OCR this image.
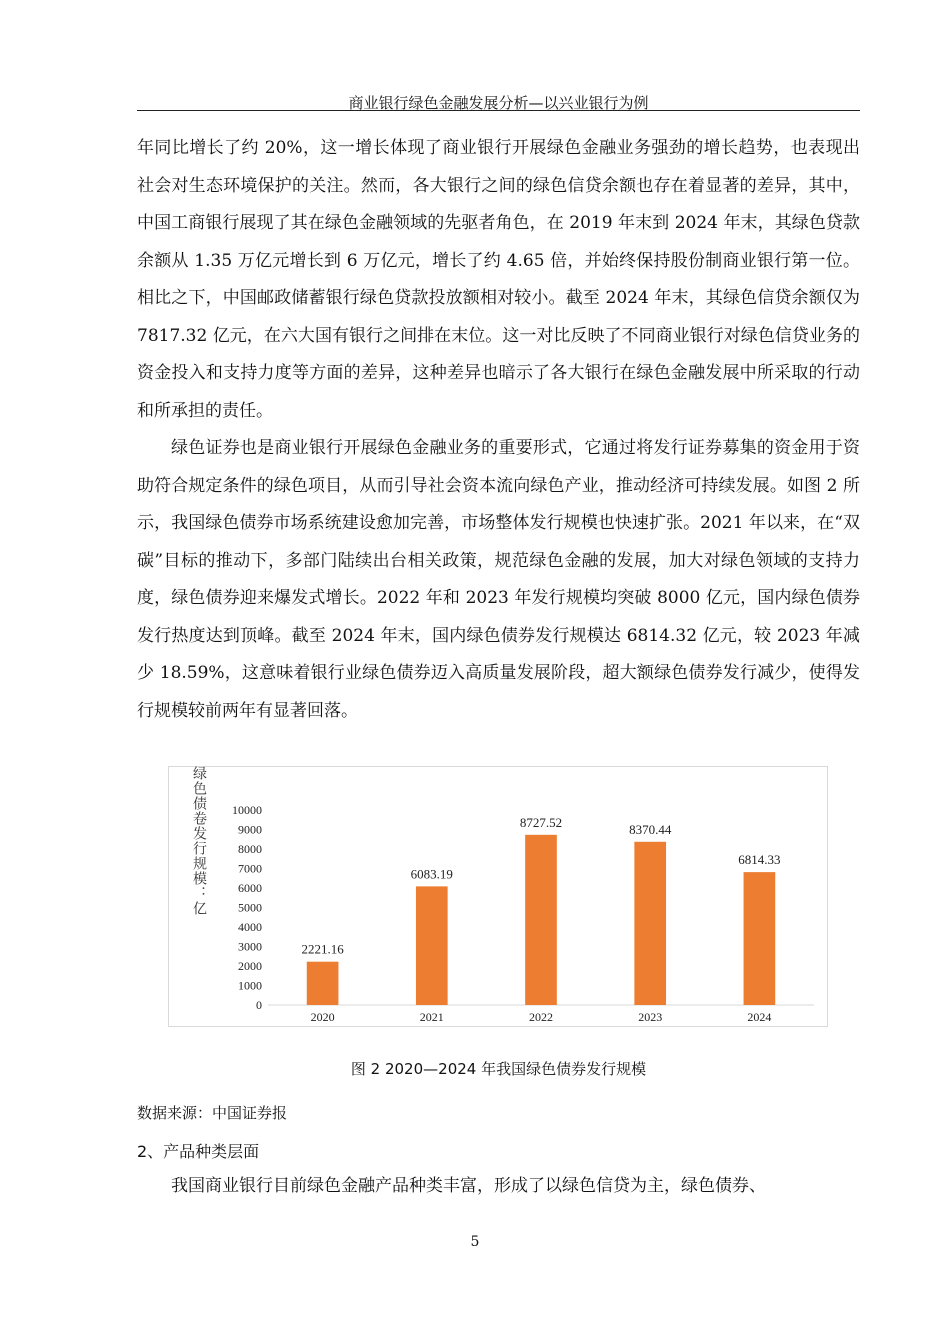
商业银行绿色金融发展分析—以兴业银行为例

年同比增长了约 20%，这一增长体现了商业银行开展绿色金融业务强劲的增长趋势，也表现出社会对生态环境保护的关注。然而，各大银行之间的绿色信贷余额也存在着显著的差异，其中，中国工商银行展现了其在绿色金融领域的先驱者角色，在 2019 年末到 2024 年末，其绿色贷款余额从 1.35 万亿元增长到 6 万亿元，增长了约 4.65 倍，并始终保持股份制商业银行第一位。相比之下，中国邮政储蓄银行绿色贷款投放额相对较小。截至 2024 年末，其绿色信贷余额仅为 7817.32 亿元，在六大国有银行之间排在末位。这一对比反映了不同商业银行对绿色信贷业务的资金投入和支持力度等方面的差异，这种差异也暗示了各大银行在绿色金融发展中所采取的行动和所承担的责任。

绿色证券也是商业银行开展绿色金融业务的重要形式，它通过将发行证券募集的资金用于资助符合规定条件的绿色项目，从而引导社会资本流向绿色产业，推动经济可持续发展。如图 2 所示，我国绿色债券市场系统建设愈加完善，市场整体发行规模也快速扩张。2021 年以来，在“双碳”目标的推动下，多部门陆续出台相关政策，规范绿色金融的发展，加大对绿色领域的支持力度，绿色债券迎来爆发式增长。2022 年和 2023 年发行规模均突破 8000 亿元，国内绿色债券发行热度达到顶峰。截至 2024 年末，国内绿色债券发行规模达 6814.32 亿元，较 2023 年减少 18.59%，这意味着银行业绿色债券迈入高质量发展阶段，超大额绿色债券发行减少，使得发行规模较前两年有显著回落。

0
1000
2000
3000
4000
5000
6000
7000
8000
9000
10000
2221.16
2020
6083.19
2021
8727.52
2022
8370.44
2023
6814.33
2024
绿色债卷发行规模：亿
图 2 2020—2024 年我国绿色债券发行规模
数据来源：中国证券报
2、产品种类层面

我国商业银行目前绿色金融产品种类丰富，形成了以绿色信贷为主，绿色债券、

5
